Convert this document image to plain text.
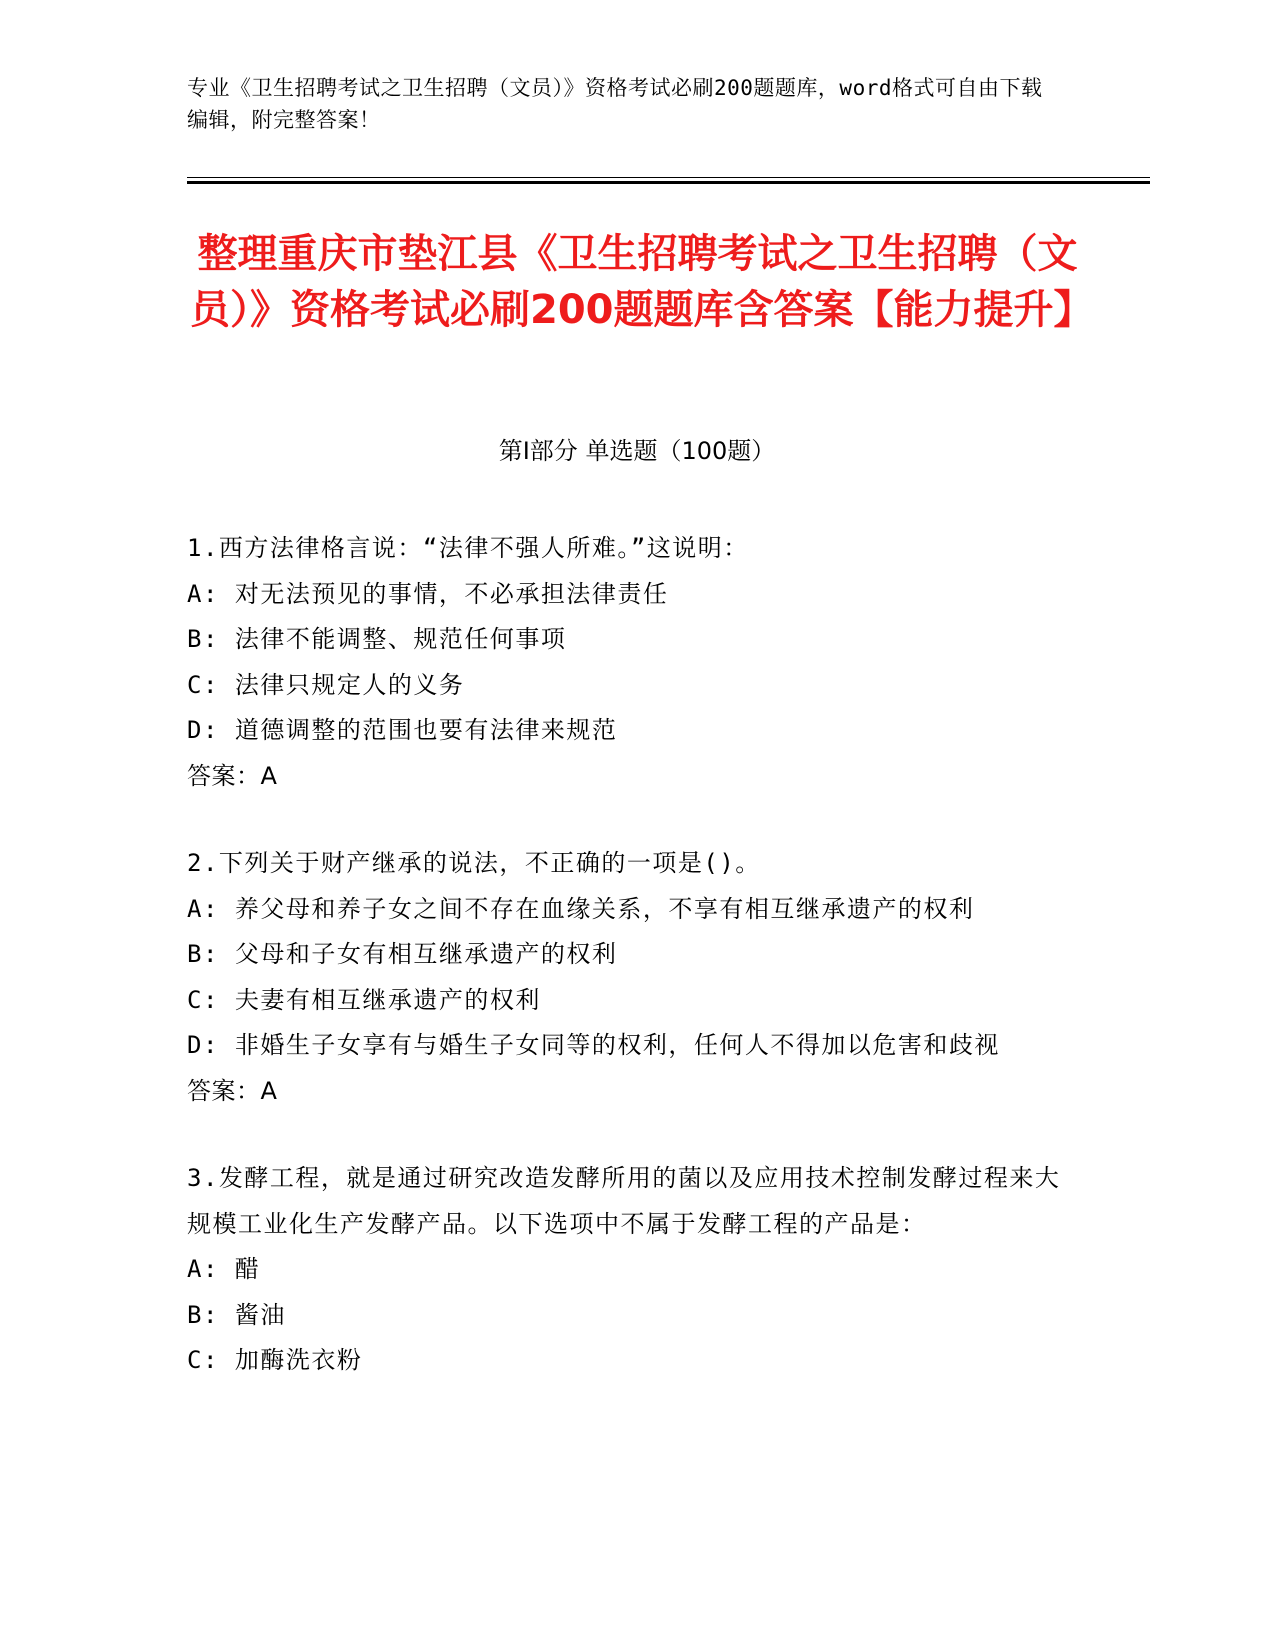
专业《卫生招聘考试之卫生招聘（文员）》资格考试必刷200题题库，word格式可自由下载编辑，附完整答案！
整理重庆市垫江县《卫生招聘考试之卫生招聘（文员）》资格考试必刷200题题库含答案【能力提升】
第I部分 单选题（100题）
1.西方法律格言说：“法律不强人所难。”这说明：
A: 对无法预见的事情，不必承担法律责任
B: 法律不能调整、规范任何事项
C: 法律只规定人的义务
D: 道德调整的范围也要有法律来规范
答案：A
2.下列关于财产继承的说法，不正确的一项是()。
A: 养父母和养子女之间不存在血缘关系，不享有相互继承遗产的权利
B: 父母和子女有相互继承遗产的权利
C: 夫妻有相互继承遗产的权利
D: 非婚生子女享有与婚生子女同等的权利，任何人不得加以危害和歧视
答案：A
3.发酵工程，就是通过研究改造发酵所用的菌以及应用技术控制发酵过程来大规模工业化生产发酵产品。以下选项中不属于发酵工程的产品是：
A: 醋
B: 酱油
C: 加酶洗衣粉
